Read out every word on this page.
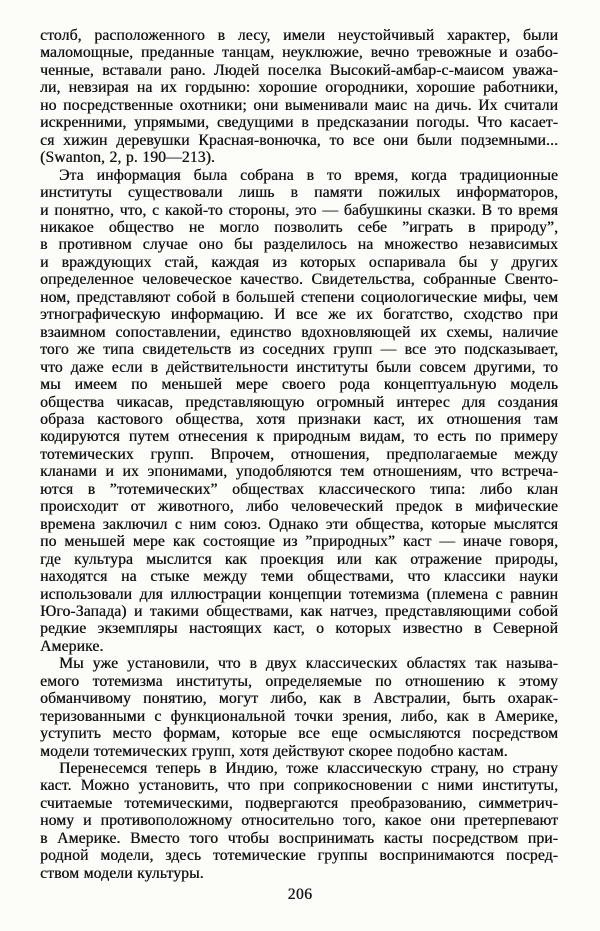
столб, расположенного в лесу, имели неустойчивый характер, были
маломощные, преданные танцам, неуклюжие, вечно тревожные и озабо-
ченные, вставали рано. Людей поселка Высокий-амбар-с-маисом уважа-
ли, невзирая на их гордыню: хорошие огородники, хорошие работники,
но посредственные охотники; они выменивали маис на дичь. Их считали
искренними, упрямыми, сведущими в предсказании погоды. Что касает-
ся хижин деревушки Красная-вонючка, то все они были подземными...
(Swanton, 2, p. 190—213).
Эта информация была собрана в то время, когда традиционные
институты существовали лишь в памяти пожилых информаторов,
и понятно, что, с какой-то стороны, это — бабушкины сказки. В то время
никакое общество не могло позволить себе ”играть в природу”,
в противном случае оно бы разделилось на множество независимых
и враждующих стай, каждая из которых оспаривала бы у других
определенное человеческое качество. Свидетельства, собранные Свенто-
ном, представляют собой в большей степени социологические мифы, чем
этнографическую информацию. И все же их богатство, сходство при
взаимном сопоставлении, единство вдохновляющей их схемы, наличие
того же типа свидетельств из соседних групп — все это подсказывает,
что даже если в действительности институты были совсем другими, то
мы имеем по меньшей мере своего рода концептуальную модель
общества чикасав, представляющую огромный интерес для создания
образа кастового общества, хотя признаки каст, их отношения там
кодируются путем отнесения к природным видам, то есть по примеру
тотемических групп. Впрочем, отношения, предполагаемые между
кланами и их эпонимами, уподобляются тем отношениям, что встреча-
ются в ”тотемических” обществах классического типа: либо клан
происходит от животного, либо человеческий предок в мифические
времена заключил с ним союз. Однако эти общества, которые мыслятся
по меньшей мере как состоящие из ”природных” каст — иначе говоря,
где культура мыслится как проекция или как отражение природы,
находятся на стыке между теми обществами, что классики науки
использовали для иллюстрации концепции тотемизма (племена с равнин
Юго-Запада) и такими обществами, как натчез, представляющими собой
редкие экземпляры настоящих каст, о которых известно в Северной
Америке.
Мы уже установили, что в двух классических областях так называ-
емого тотемизма институты, определяемые по отношению к этому
обманчивому понятию, могут либо, как в Австралии, быть охарак-
теризованными с функциональной точки зрения, либо, как в Америке,
уступить место формам, которые все еще осмысляются посредством
модели тотемических групп, хотя действуют скорее подобно кастам.
Перенесемся теперь в Индию, тоже классическую страну, но страну
каст. Можно установить, что при соприкосновении с ними институты,
считаемые тотемическими, подвергаются преобразованию, симметрич-
ному и противоположному относительно того, какое они претерпевают
в Америке. Вместо того чтобы воспринимать касты посредством при-
родной модели, здесь тотемические группы воспринимаются посред-
ством модели культуры.
206
